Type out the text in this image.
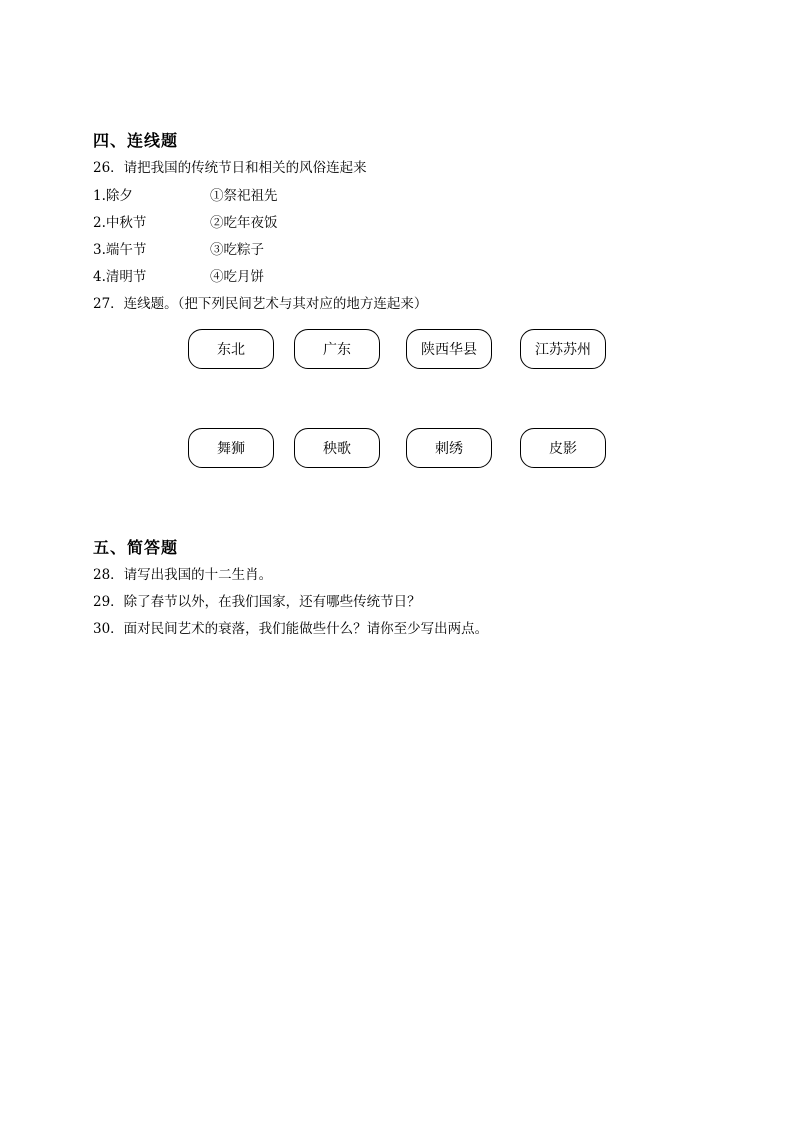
四、连线题
26．请把我国的传统节日和相关的风俗连起来
1.除夕	①祭祀祖先
2.中秋节	②吃年夜饭
3.端午节	③吃粽子
4.清明节	④吃月饼
27．连线题。（把下列民间艺术与其对应的地方连起来）
东北	广东	陕西华县	江苏苏州
舞狮	秧歌	刺绣	皮影
五、简答题
28．请写出我国的十二生肖。
29．除了春节以外，在我们国家，还有哪些传统节日？
30．面对民间艺术的衰落，我们能做些什么？请你至少写出两点。
